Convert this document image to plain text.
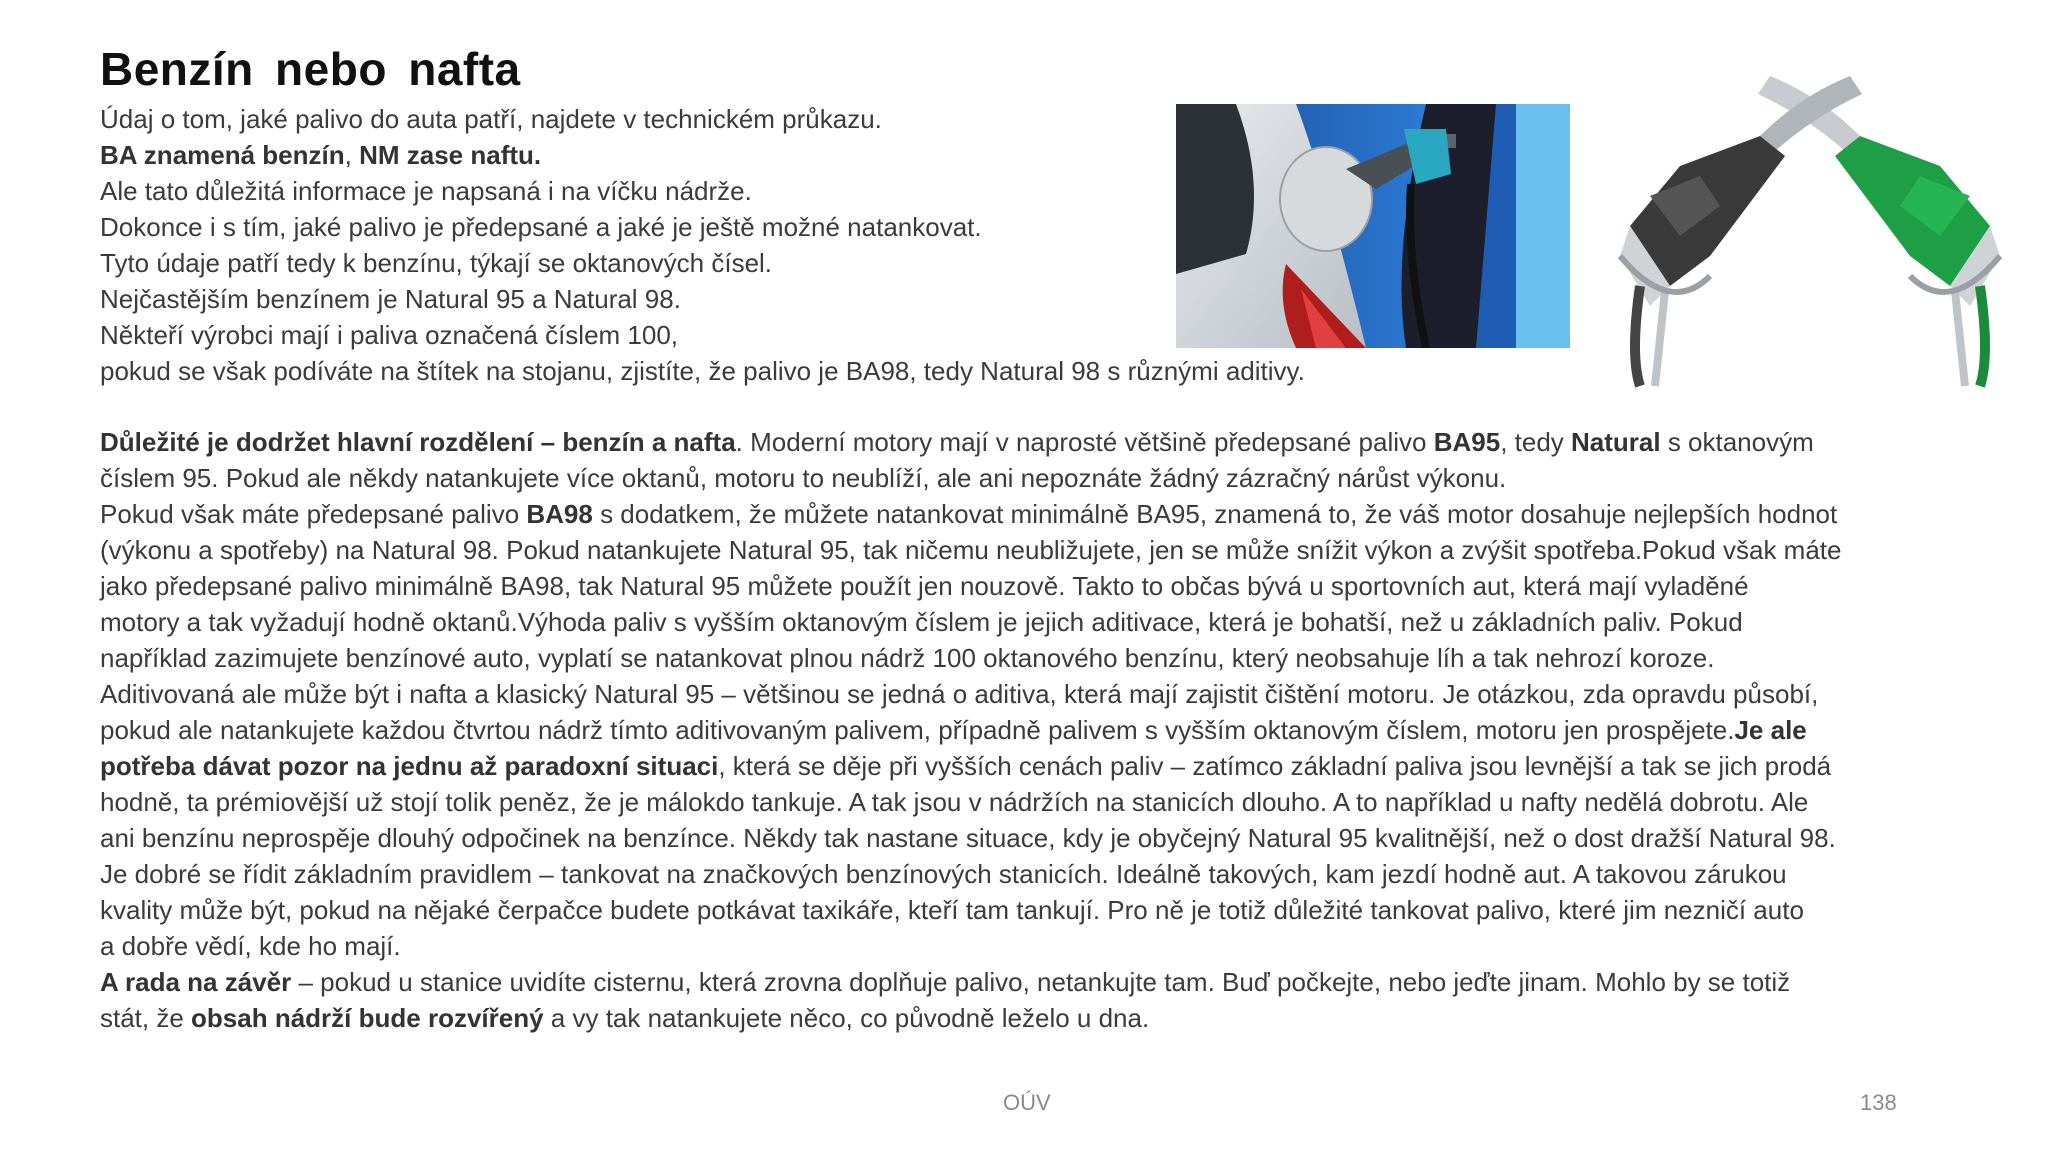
Benzín nebo nafta
Údaj o tom, jaké palivo do auta patří, najdete v technickém průkazu.
BA znamená benzín, NM zase naftu.
Ale tato důležitá informace je napsaná i na víčku nádrže.
Dokonce i s tím, jaké palivo je předepsané a jaké je ještě možné natankovat.
Tyto údaje patří tedy k benzínu, týkají se oktanových čísel.
Nejčastějším benzínem je Natural 95 a Natural 98.
Někteří výrobci mají i paliva označená číslem 100,
pokud se však podíváte na štítek na stojanu, zjistíte, že palivo je BA98, tedy Natural 98 s různými aditivy.
Důležité je dodržet hlavní rozdělení – benzín a nafta. Moderní motory mají v naprosté většině předepsané palivo BA95, tedy Natural s oktanovým
číslem 95. Pokud ale někdy natankujete více oktanů, motoru to neublíží, ale ani nepoznáte žádný zázračný nárůst výkonu.
Pokud však máte předepsané palivo BA98 s dodatkem, že můžete natankovat minimálně BA95, znamená to, že váš motor dosahuje nejlepších hodnot
(výkonu a spotřeby) na Natural 98. Pokud natankujete Natural 95, tak ničemu neubližujete, jen se může snížit výkon a zvýšit spotřeba.Pokud však máte
jako předepsané palivo minimálně BA98, tak Natural 95 můžete použít jen nouzově. Takto to občas bývá u sportovních aut, která mají vyladěné
motory a tak vyžadují hodně oktanů.Výhoda paliv s vyšším oktanovým číslem je jejich aditivace, která je bohatší, než u základních paliv. Pokud
například zazimujete benzínové auto, vyplatí se natankovat plnou nádrž 100 oktanového benzínu, který neobsahuje líh a tak nehrozí koroze.
Aditivovaná ale může být i nafta a klasický Natural 95 – většinou se jedná o aditiva, která mají zajistit čištění motoru. Je otázkou, zda opravdu působí,
pokud ale natankujete každou čtvrtou nádrž tímto aditivovaným palivem, případně palivem s vyšším oktanovým číslem, motoru jen prospějete.Je ale
potřeba dávat pozor na jednu až paradoxní situaci, která se děje při vyšších cenách paliv – zatímco základní paliva jsou levnější a tak se jich prodá
hodně, ta prémiovější už stojí tolik peněz, že je málokdo tankuje. A tak jsou v nádržích na stanicích dlouho. A to například u nafty nedělá dobrotu. Ale
ani benzínu neprospěje dlouhý odpočinek na benzínce. Někdy tak nastane situace, kdy je obyčejný Natural 95 kvalitnější, než o dost dražší Natural 98.
Je dobré se řídit základním pravidlem – tankovat na značkových benzínových stanicích. Ideálně takových, kam jezdí hodně aut. A takovou zárukou
kvality může být, pokud na nějaké čerpačce budete potkávat taxikáře, kteří tam tankují. Pro ně je totiž důležité tankovat palivo, které jim nezničí auto
a dobře vědí, kde ho mají.
A rada na závěr – pokud u stanice uvidíte cisternu, která zrovna doplňuje palivo, netankujte tam. Buď počkejte, nebo jeďte jinam. Mohlo by se totiž
stát, že obsah nádrží bude rozvířený a vy tak natankujete něco, co původně leželo u dna.
OÚV	138
